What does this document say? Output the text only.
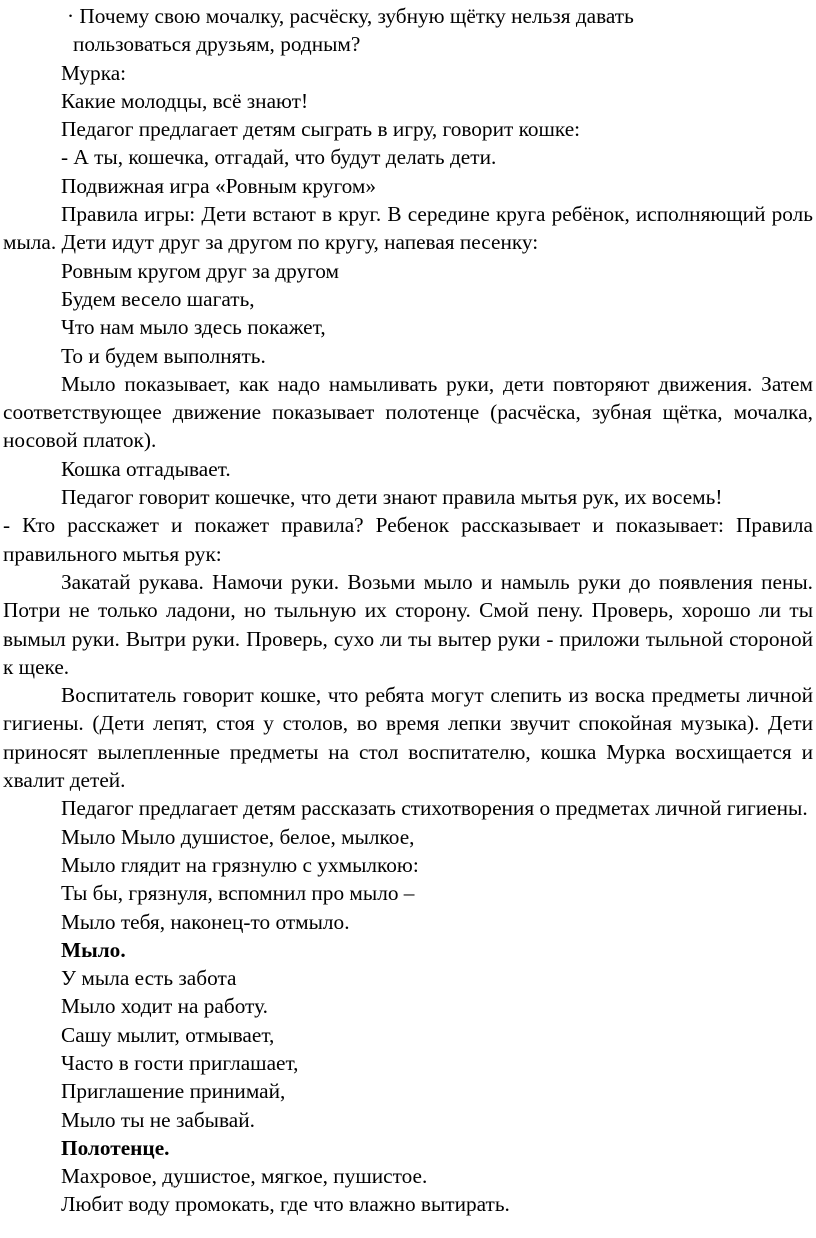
· Почему свою мочалку, расчёску, зубную щётку нельзя давать
пользоваться друзьям, родным?
Мурка:
Какие молодцы, всё знают!
Педагог предлагает детям сыграть в игру, говорит кошке:
- А ты, кошечка, отгадай, что будут делать дети.
Подвижная игра «Ровным кругом»
Правила игры: Дети встают в круг. В середине круга ребёнок, исполняющий роль мыла. Дети идут друг за другом по кругу, напевая песенку:
Ровным кругом друг за другом
Будем весело шагать,
Что нам мыло здесь покажет,
То и будем выполнять.
Мыло показывает, как надо намыливать руки, дети повторяют движения. Затем соответствующее движение показывает полотенце (расчёска, зубная щётка, мочалка, носовой платок).
Кошка отгадывает.
Педагог говорит кошечке, что дети знают правила мытья рук, их восемь!
- Кто расскажет и покажет правила? Ребенок рассказывает и показывает: Правила правильного мытья рук:
Закатай рукава. Намочи руки. Возьми мыло и намыль руки до появления пены. Потри не только ладони, но тыльную их сторону. Смой пену. Проверь, хорошо ли ты вымыл руки. Вытри руки. Проверь, сухо ли ты вытер руки - приложи тыльной стороной к щеке.
Воспитатель говорит кошке, что ребята могут слепить из воска предметы личной гигиены. (Дети лепят, стоя у столов, во время лепки звучит спокойная музыка). Дети приносят вылепленные предметы на стол воспитателю, кошка Мурка восхищается и хвалит детей.
Педагог предлагает детям рассказать стихотворения о предметах личной гигиены.
Мыло Мыло душистое, белое, мылкое,
Мыло глядит на грязнулю с ухмылкою:
Ты бы, грязнуля, вспомнил про мыло –
Мыло тебя, наконец-то отмыло.
Мыло.
У мыла есть забота
Мыло ходит на работу.
Сашу мылит, отмывает,
Часто в гости приглашает,
Приглашение принимай,
Мыло ты не забывай.
Полотенце.
Махровое, душистое, мягкое, пушистое.
Любит воду промокать, где что влажно вытирать.
